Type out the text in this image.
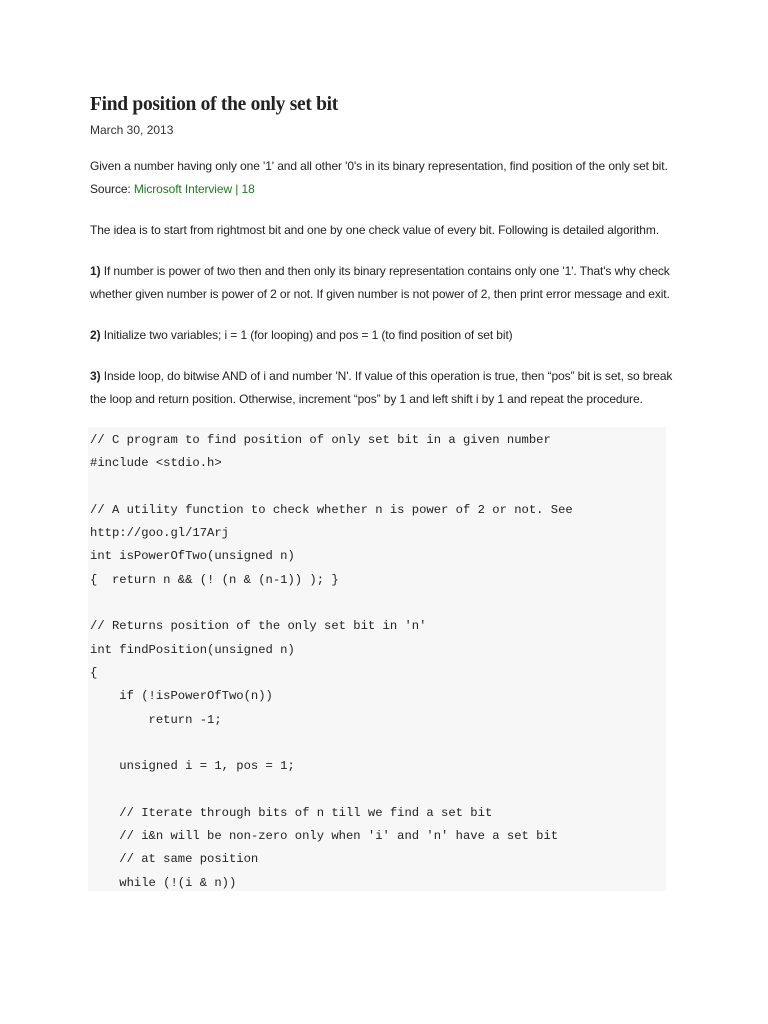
Find position of the only set bit
March 30, 2013

Given a number having only one '1' and all other '0's in its binary representation, find position of the only set bit.
Source: Microsoft Interview | 18

The idea is to start from rightmost bit and one by one check value of every bit. Following is detailed algorithm.

1) If number is power of two then and then only its binary representation contains only one '1'. That's why check whether given number is power of 2 or not. If given number is not power of 2, then print error message and exit.

2) Initialize two variables; i = 1 (for looping) and pos = 1 (to find position of set bit)

3) Inside loop, do bitwise AND of i and number 'N'. If value of this operation is true, then “pos” bit is set, so break the loop and return position. Otherwise, increment “pos” by 1 and left shift i by 1 and repeat the procedure.

// C program to find position of only set bit in a given number
#include <stdio.h>

// A utility function to check whether n is power of 2 or not. See
http://goo.gl/17Arj
int isPowerOfTwo(unsigned n)
{  return n && (! (n & (n-1)) ); }

// Returns position of the only set bit in 'n'
int findPosition(unsigned n)
{
if (!isPowerOfTwo(n))
return -1;

unsigned i = 1, pos = 1;

// Iterate through bits of n till we find a set bit
// i&n will be non-zero only when 'i' and 'n' have a set bit
// at same position
while (!(i & n))
